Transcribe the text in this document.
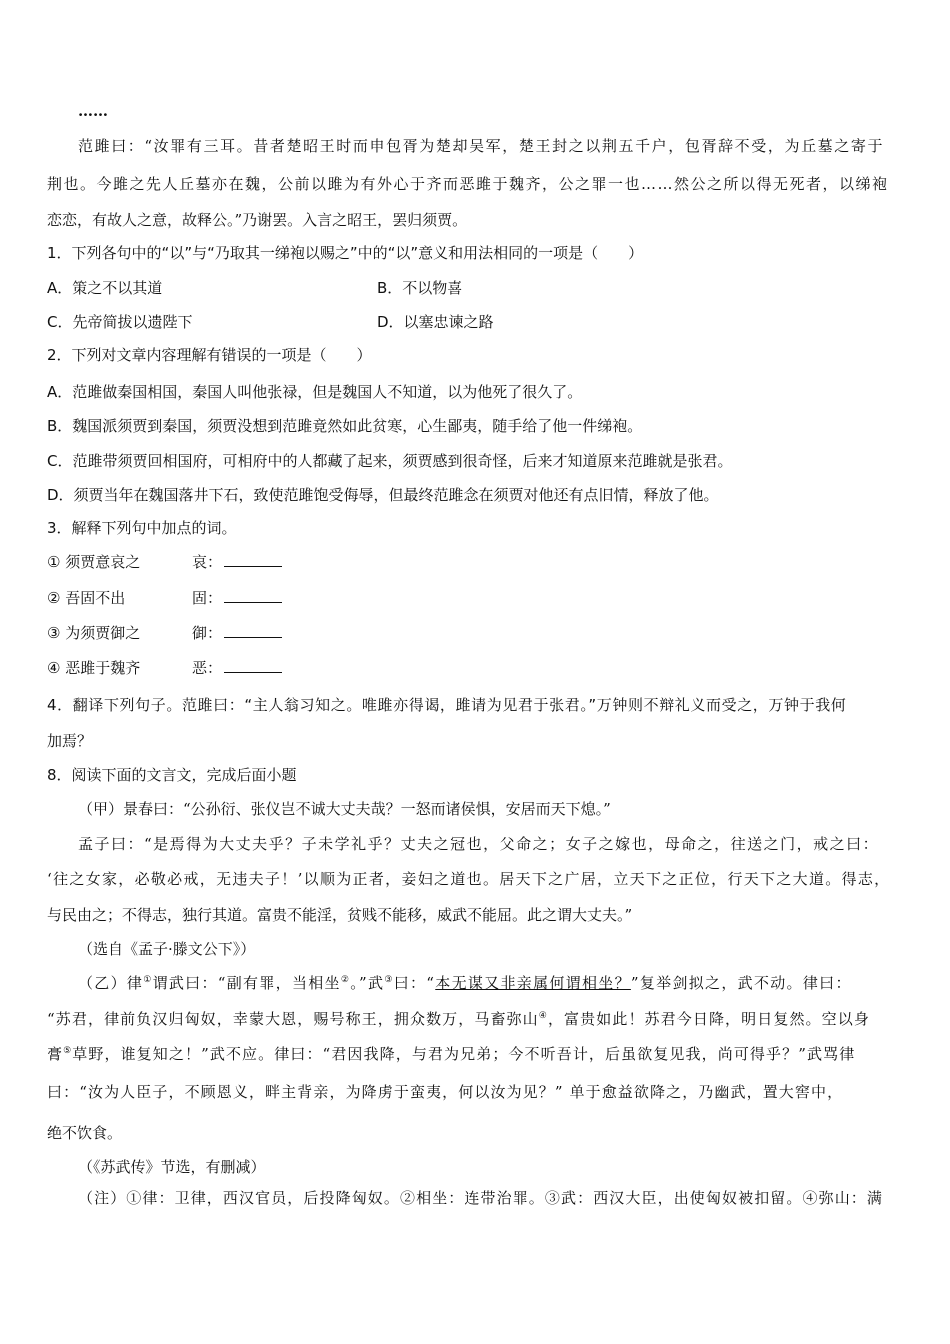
……
范雎曰：“汝罪有三耳。昔者楚昭王时而申包胥为楚却吴军，楚王封之以荆五千户，包胥辞不受，为丘墓之寄于
荆也。今雎之先人丘墓亦在魏，公前以雎为有外心于齐而恶雎于魏齐，公之罪一也……然公之所以得无死者，以绨袍
恋恋，有故人之意，故释公。”乃谢罢。入言之昭王，罢归须贾。
1．下列各句中的“以”与“乃取其一绨袍以赐之”中的“以”意义和用法相同的一项是（　　）
A．策之不以其道	B．不以物喜
C．先帝简拔以遗陛下	D．以塞忠谏之路
2．下列对文章内容理解有错误的一项是（　　）
A．范雎做秦国相国，秦国人叫他张禄，但是魏国人不知道，以为他死了很久了。
B．魏国派须贾到秦国，须贾没想到范雎竟然如此贫寒，心生鄙夷，随手给了他一件绨袍。
C．范雎带须贾回相国府，可相府中的人都藏了起来，须贾感到很奇怪，后来才知道原来范雎就是张君。
D．须贾当年在魏国落井下石，致使范雎饱受侮辱，但最终范雎念在须贾对他还有点旧情，释放了他。
3．解释下列句中加点的词。
① 须贾意哀之	哀：
② 吾固不出	固：
③ 为须贾御之	御：
④ 恶雎于魏齐	恶：
4．翻译下列句子。范雎曰：“主人翁习知之。唯雎亦得谒，雎请为见君于张君。”万钟则不辩礼义而受之，万钟于我何
加焉？
8．阅读下面的文言文，完成后面小题
（甲）景春曰：“公孙衍、张仪岂不诚大丈夫哉？一怒而诸侯惧，安居而天下熄。”
孟子曰：“是焉得为大丈夫乎？子未学礼乎？丈夫之冠也，父命之；女子之嫁也，母命之，往送之门，戒之曰：
‘往之女家，必敬必戒，无违夫子！’以顺为正者，妾妇之道也。居天下之广居，立天下之正位，行天下之大道。得志，
与民由之；不得志，独行其道。富贵不能淫，贫贱不能移，威武不能屈。此之谓大丈夫。”
（选自《孟子·滕文公下》）
（乙）律①谓武曰：“副有罪，当相坐②。”武③曰：“本无谋又非亲属何谓相坐？”复举剑拟之，武不动。律曰：
“苏君，律前负汉归匈奴，幸蒙大恩，赐号称王，拥众数万，马畜弥山④，富贵如此！苏君今日降，明日复然。空以身
膏⑤草野，谁复知之！”武不应。律曰：“君因我降，与君为兄弟；今不听吾计，后虽欲复见我，尚可得乎？”武骂律
曰：“汝为人臣子，不顾恩义，畔主背亲，为降虏于蛮夷，何以汝为见？” 单于愈益欲降之，乃幽武，置大窖中，
绝不饮食。
（《苏武传》节选，有删减）
（注）①律：卫律，西汉官员，后投降匈奴。②相坐：连带治罪。③武：西汉大臣，出使匈奴被扣留。④弥山：满
